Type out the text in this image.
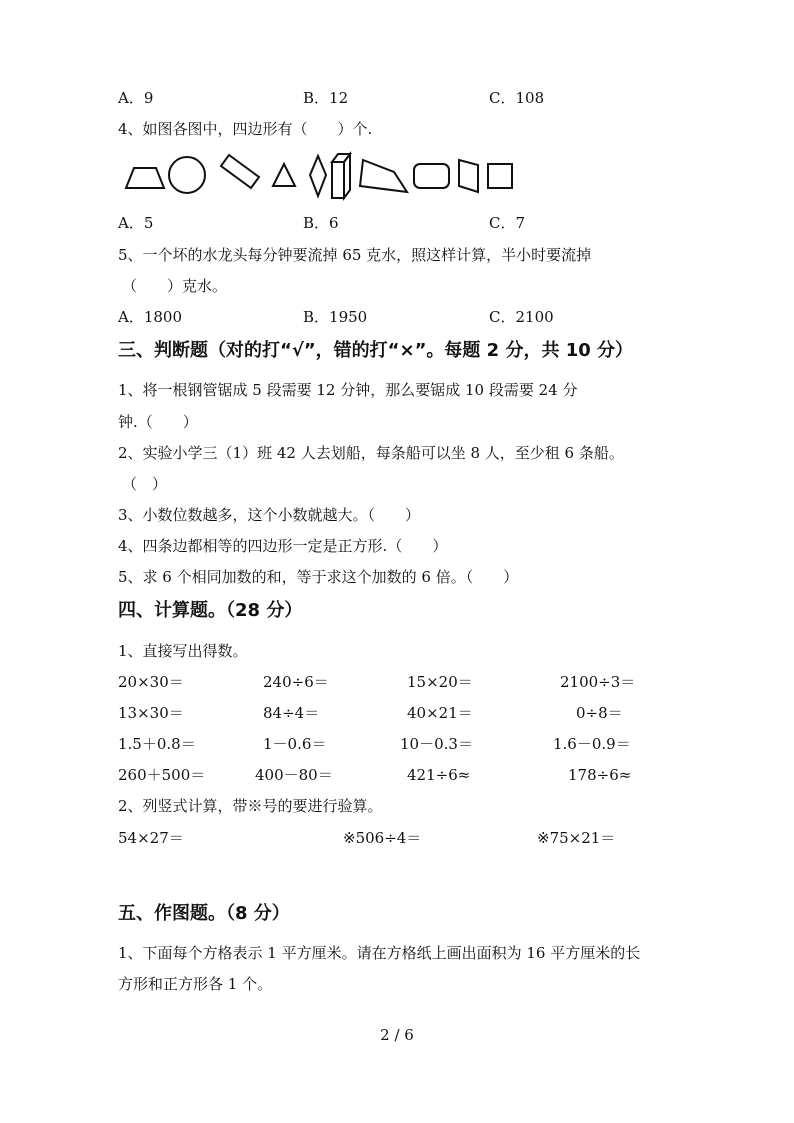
A．9	B．12	C．108
4、如图各图中，四边形有（　　）个.
A．5	B．6	C．7
5、一个坏的水龙头每分钟要流掉 65 克水，照这样计算，半小时要流掉
（　　）克水。
A．1800	B．1950	C．2100
三、判断题（对的打“√”，错的打“×”。每题 2 分，共 10 分）
1、将一根钢管锯成 5 段需要 12 分钟，那么要锯成 10 段需要 24 分
钟.（　　）
2、实验小学三（1）班 42 人去划船，每条船可以坐 8 人，至少租 6 条船。
（　）
3、小数位数越多，这个小数就越大。（　　）
4、四条边都相等的四边形一定是正方形.（　　）
5、求 6 个相同加数的和，等于求这个加数的 6 倍。（　　）
四、计算题。（28 分）
1、直接写出得数。
20×30＝	240÷6＝	15×20＝	2100÷3＝
13×30＝	84÷4＝	40×21＝	0÷8＝
1.5＋0.8＝	1－0.6＝	10－0.3＝	1.6－0.9＝
260＋500＝	400－80＝	421÷6≈	178÷6≈
2、列竖式计算，带※号的要进行验算。
54×27＝	※506÷4＝	※75×21＝
五、作图题。（8 分）
1、下面每个方格表示 1 平方厘米。请在方格纸上画出面积为 16 平方厘米的长
方形和正方形各 1 个。
2 / 6
